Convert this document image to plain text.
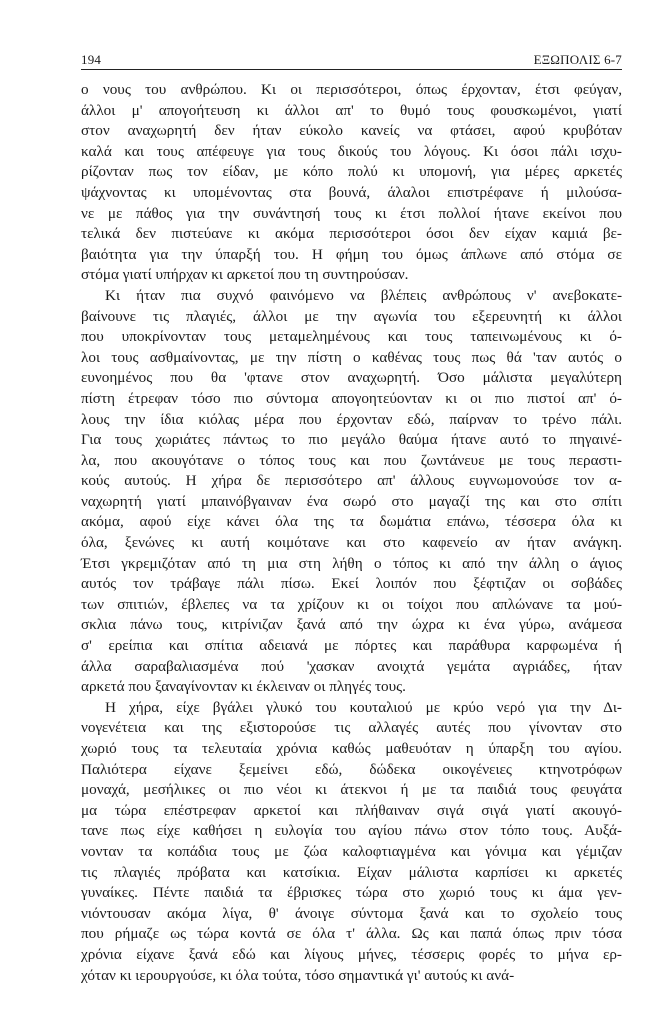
194	ΕΞΩΠΟΛΙΣ 6-7
ο νους του ανθρώπου. Κι οι περισσότεροι, όπως έρχονταν, έτσι φεύγαν,
άλλοι μ' απογοήτευση κι άλλοι απ' το θυμό τους φουσκωμένοι, γιατί
στον αναχωρητή δεν ήταν εύκολο κανείς να φτάσει, αφού κρυβόταν
καλά και τους απέφευγε για τους δικούς του λόγους. Κι όσοι πάλι ισχυ-
ρίζονταν πως τον είδαν, με κόπο πολύ κι υπομονή, για μέρες αρκετές
ψάχνοντας κι υπομένοντας στα βουνά, άλαλοι επιστρέφανε ή μιλούσα-
νε με πάθος για την συνάντησή τους κι έτσι πολλοί ήτανε εκείνοι που
τελικά δεν πιστεύανε κι ακόμα περισσότεροι όσοι δεν είχαν καμιά βε-
βαιότητα για την ύπαρξή του. Η φήμη του όμως άπλωνε από στόμα σε
στόμα γιατί υπήρχαν κι αρκετοί που τη συντηρούσαν.
Κι ήταν πια συχνό φαινόμενο να βλέπεις ανθρώπους ν' ανεβοκατε-
βαίνουνε τις πλαγιές, άλλοι με την αγωνία του εξερευνητή κι άλλοι
που υποκρίνονταν τους μεταμελημένους και τους ταπεινωμένους κι ό-
λοι τους ασθμαίνοντας, με την πίστη ο καθένας τους πως θά 'ταν αυτός ο
ευνοημένος που θα 'φτανε στον αναχωρητή. Όσο μάλιστα μεγαλύτερη
πίστη έτρεφαν τόσο πιο σύντομα απογοητεύονταν κι οι πιο πιστοί απ' ό-
λους την ίδια κιόλας μέρα που έρχονταν εδώ, παίρναν το τρένο πάλι.
Για τους χωριάτες πάντως το πιο μεγάλο θαύμα ήτανε αυτό το πηγαινέ-
λα, που ακουγότανε ο τόπος τους και που ζωντάνευε με τους περαστι-
κούς αυτούς. Η χήρα δε περισσότερο απ' άλλους ευγνωμονούσε τον α-
ναχωρητή γιατί μπαινόβγαιναν ένα σωρό στο μαγαζί της και στο σπίτι
ακόμα, αφού είχε κάνει όλα της τα δωμάτια επάνω, τέσσερα όλα κι
όλα, ξενώνες κι αυτή κοιμότανε και στο καφενείο αν ήταν ανάγκη.
Έτσι γκρεμιζόταν από τη μια στη λήθη ο τόπος κι από την άλλη ο άγιος
αυτός τον τράβαγε πάλι πίσω. Εκεί λοιπόν που ξέφτιζαν οι σοβάδες
των σπιτιών, έβλεπες να τα χρίζουν κι οι τοίχοι που απλώνανε τα μού-
σκλια πάνω τους, κιτρίνιζαν ξανά από την ώχρα κι ένα γύρω, ανάμεσα
σ' ερείπια και σπίτια αδειανά με πόρτες και παράθυρα καρφωμένα ή
άλλα σαραβαλιασμένα πού 'χασκαν ανοιχτά γεμάτα αγριάδες, ήταν
αρκετά που ξαναγίνονταν κι έκλειναν οι πληγές τους.
Η χήρα, είχε βγάλει γλυκό του κουταλιού με κρύο νερό για την Δι-
νογενέτεια και της εξιστορούσε τις αλλαγές αυτές που γίνονταν στο
χωριό τους τα τελευταία χρόνια καθώς μαθευόταν η ύπαρξη του αγίου.
Παλιότερα είχανε ξεμείνει εδώ, δώδεκα οικογένειες κτηνοτρόφων
μοναχά, μεσήλικες οι πιο νέοι κι άτεκνοι ή με τα παιδιά τους φευγάτα
μα τώρα επέστρεφαν αρκετοί και πλήθαιναν σιγά σιγά γιατί ακουγό-
τανε πως είχε καθήσει η ευλογία του αγίου πάνω στον τόπο τους. Αυξά-
νονταν τα κοπάδια τους με ζώα καλοφτιαγμένα και γόνιμα και γέμιζαν
τις πλαγιές πρόβατα και κατσίκια. Είχαν μάλιστα καρπίσει κι αρκετές
γυναίκες. Πέντε παιδιά τα έβρισκες τώρα στο χωριό τους κι άμα γεν-
νιόντουσαν ακόμα λίγα, θ' άνοιγε σύντομα ξανά και το σχολείο τους
που ρήμαζε ως τώρα κοντά σε όλα τ' άλλα. Ως και παπά όπως πριν τόσα
χρόνια είχανε ξανά εδώ και λίγους μήνες, τέσσερις φορές το μήνα ερ-
χόταν κι ιερουργούσε, κι όλα τούτα, τόσο σημαντικά γι' αυτούς κι ανά-
